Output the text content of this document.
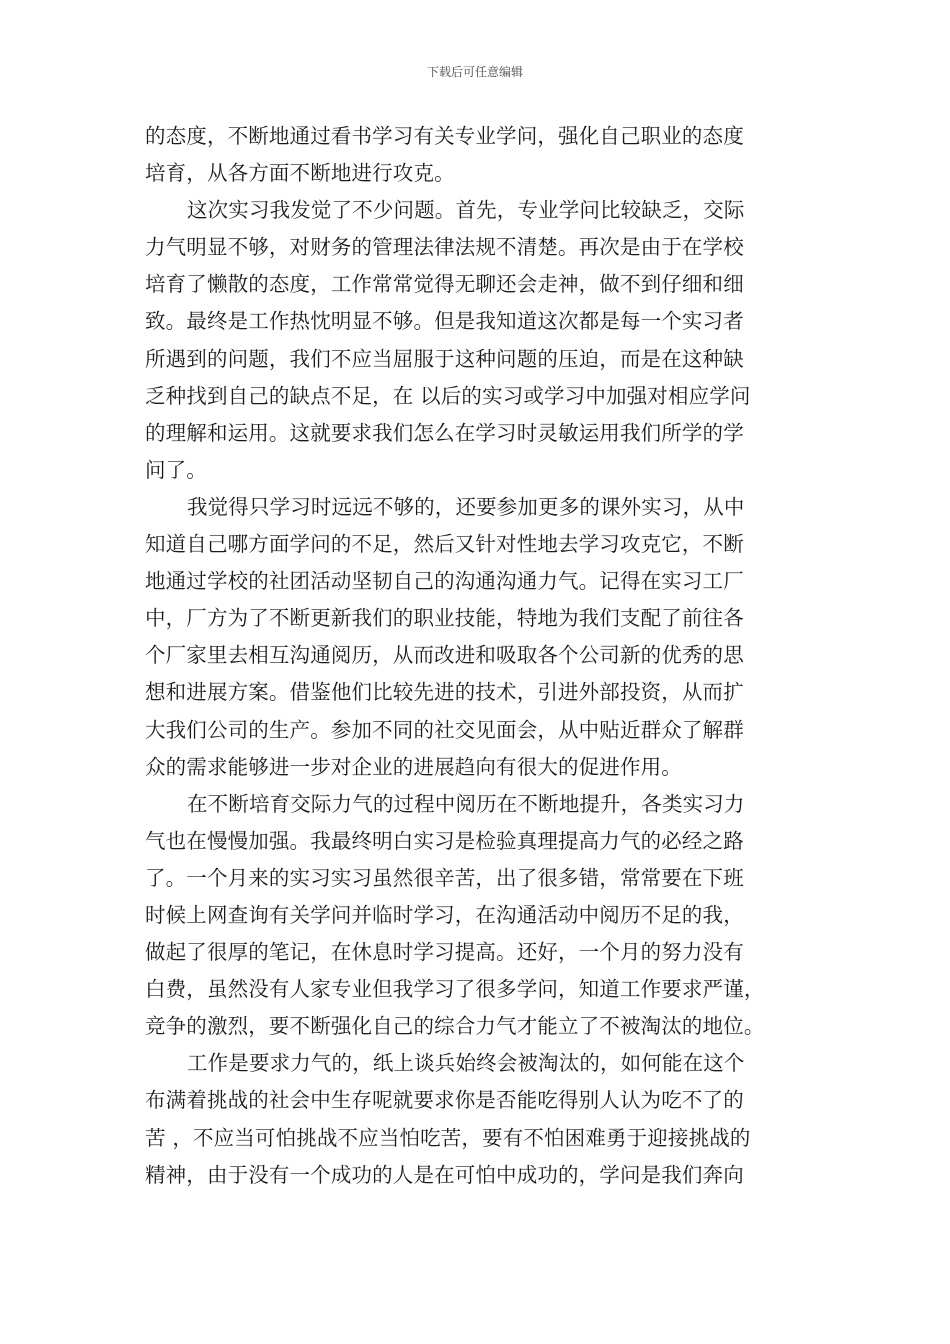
下载后可任意编辑
的态度，不断地通过看书学习有关专业学问，强化自己职业的态度
培育，从各方面不断地进行攻克。
这次实习我发觉了不少问题。首先，专业学问比较缺乏，交际
力气明显不够，对财务的管理法律法规不清楚。再次是由于在学校
培育了懒散的态度，工作常常觉得无聊还会走神，做不到仔细和细
致。最终是工作热忱明显不够。但是我知道这次都是每一个实习者
所遇到的问题，我们不应当屈服于这种问题的压迫，而是在这种缺
乏种找到自己的缺点不足，在 以后的实习或学习中加强对相应学问
的理解和运用。这就要求我们怎么在学习时灵敏运用我们所学的学
问了。
我觉得只学习时远远不够的，还要参加更多的课外实习，从中
知道自己哪方面学问的不足，然后又针对性地去学习攻克它，不断
地通过学校的社团活动坚韧自己的沟通沟通力气。记得在实习工厂
中，厂方为了不断更新我们的职业技能，特地为我们支配了前往各
个厂家里去相互沟通阅历，从而改进和吸取各个公司新的优秀的思
想和进展方案。借鉴他们比较先进的技术，引进外部投资，从而扩
大我们公司的生产。参加不同的社交见面会，从中贴近群众了解群
众的需求能够进一步对企业的进展趋向有很大的促进作用。
在不断培育交际力气的过程中阅历在不断地提升，各类实习力
气也在慢慢加强。我最终明白实习是检验真理提高力气的必经之路
了。一个月来的实习实习虽然很辛苦，出了很多错，常常要在下班
时候上网查询有关学问并临时学习，在沟通活动中阅历不足的我，
做起了很厚的笔记，在休息时学习提高。还好，一个月的努力没有
白费，虽然没有人家专业但我学习了很多学问，知道工作要求严谨，
竞争的激烈，要不断强化自己的综合力气才能立了不被淘汰的地位。
工作是要求力气的，纸上谈兵始终会被淘汰的，如何能在这个
布满着挑战的社会中生存呢就要求你是否能吃得别人认为吃不了的
苦 ，不应当可怕挑战不应当怕吃苦，要有不怕困难勇于迎接挑战的
精神，由于没有一个成功的人是在可怕中成功的，学问是我们奔向
